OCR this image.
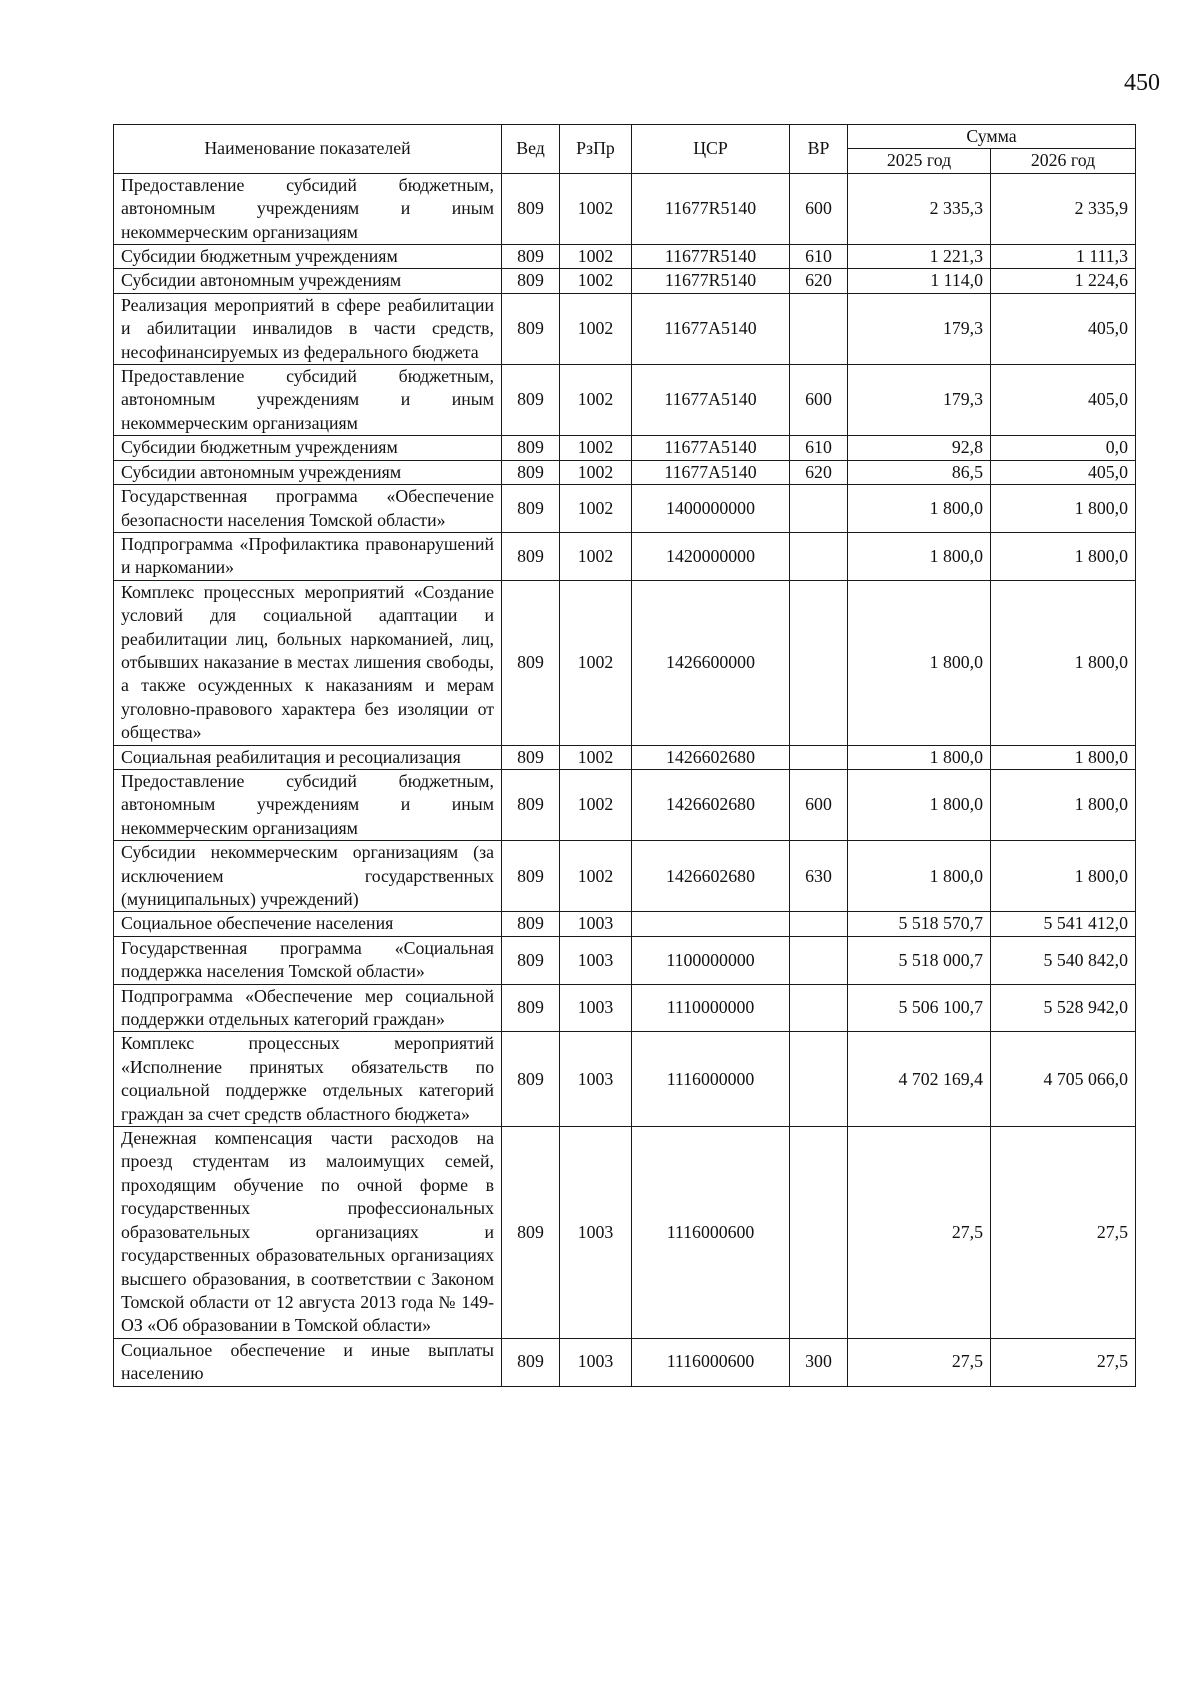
450
Наименование показателей	Вед	РзПр	ЦСР	ВР	Сумма	
					2025 год	2026 год
Предоставление субсидий бюджетным, автономным учреждениям и иным некоммерческим организациям	809	1002	11677R5140	600	2 335,3	2 335,9
Субсидии бюджетным учреждениям	809	1002	11677R5140	610	1 221,3	1 111,3
Субсидии автономным учреждениям	809	1002	11677R5140	620	1 114,0	1 224,6
Реализация мероприятий в сфере реабилитации и абилитации инвалидов в части средств, несофинансируемых из федерального бюджета	809	1002	11677A5140		179,3	405,0
Предоставление субсидий бюджетным, автономным учреждениям и иным некоммерческим организациям	809	1002	11677A5140	600	179,3	405,0
Субсидии бюджетным учреждениям	809	1002	11677A5140	610	92,8	0,0
Субсидии автономным учреждениям	809	1002	11677A5140	620	86,5	405,0
Государственная программа «Обеспечение безопасности населения Томской области»	809	1002	1400000000		1 800,0	1 800,0
Подпрограмма «Профилактика правонарушений и наркомании»	809	1002	1420000000		1 800,0	1 800,0
Комплекс процессных мероприятий «Создание условий для социальной адаптации и реабилитации лиц, больных наркоманией, лиц, отбывших наказание в местах лишения свободы, а также осужденных к наказаниям и мерам уголовно-правового характера без изоляции от общества»	809	1002	1426600000		1 800,0	1 800,0
Социальная реабилитация и ресоциализация	809	1002	1426602680		1 800,0	1 800,0
Предоставление субсидий бюджетным, автономным учреждениям и иным некоммерческим организациям	809	1002	1426602680	600	1 800,0	1 800,0
Субсидии некоммерческим организациям (за исключением государственных (муниципальных) учреждений)	809	1002	1426602680	630	1 800,0	1 800,0
Социальное обеспечение населения	809	1003			5 518 570,7	5 541 412,0
Государственная программа «Социальная поддержка населения Томской области»	809	1003	1100000000		5 518 000,7	5 540 842,0
Подпрограмма «Обеспечение мер социальной поддержки отдельных категорий граждан»	809	1003	1110000000		5 506 100,7	5 528 942,0
Комплекс процессных мероприятий «Исполнение принятых обязательств по социальной поддержке отдельных категорий граждан за счет средств областного бюджета»	809	1003	1116000000		4 702 169,4	4 705 066,0
Денежная компенсация части расходов на проезд студентам из малоимущих семей, проходящим обучение по очной форме в государственных профессиональных образовательных организациях и государственных образовательных организациях высшего образования, в соответствии с Законом Томской области от 12 августа 2013 года № 149-ОЗ «Об образовании в Томской области»	809	1003	1116000600		27,5	27,5
Социальное обеспечение и иные выплаты населению	809	1003	1116000600	300	27,5	27,5
